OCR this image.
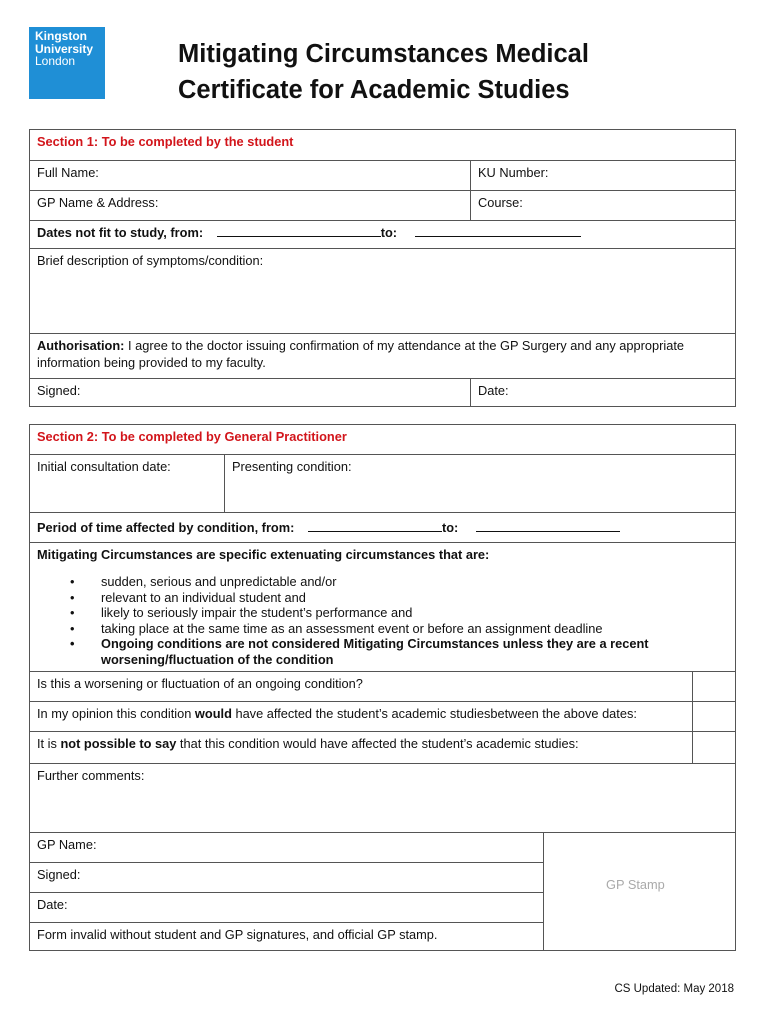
Kingston
University
London	Mitigating Circumstances Medical
Certificate for Academic Studies
Section 1: To be completed by the student
Full Name:	KU Number:
GP Name & Address:	Course:
Dates not fit to study, from:	to:
Brief description of symptoms/condition:
Authorisation: I agree to the doctor issuing confirmation of my attendance at the GP Surgery and any appropriate information being provided to my faculty.
Signed:	Date:
Section 2: To be completed by General Practitioner
Initial consultation date:	Presenting condition:
Period of time affected by condition, from:	to:
Mitigating Circumstances are specific extenuating circumstances that are:
• sudden, serious and unpredictable and/or
• relevant to an individual student and
• likely to seriously impair the student’s performance and
• taking place at the same time as an assessment event or before an assignment deadline
• Ongoing conditions are not considered Mitigating Circumstances unless they are a recent worsening/fluctuation of the condition
Is this a worsening or fluctuation of an ongoing condition?
In my opinion this condition would have affected the student’s academic studiesbetween the above dates:
It is not possible to say that this condition would have affected the student’s academic studies:
Further comments:
GP Name:
Signed:
Date:
Form invalid without student and GP signatures, and official GP stamp.
GP Stamp
CS Updated: May 2018
